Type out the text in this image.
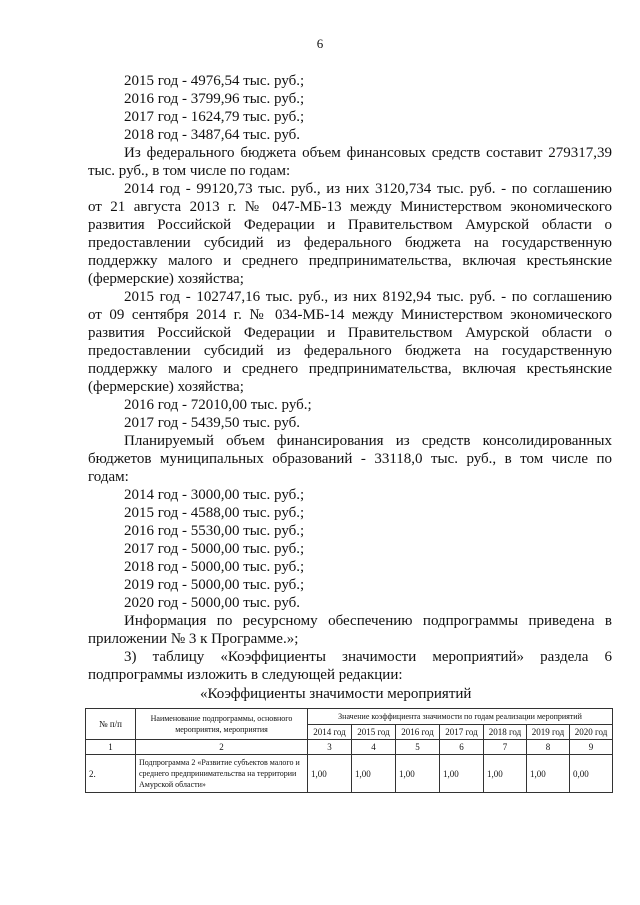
6
2015 год - 4976,54 тыс. руб.;
2016 год - 3799,96 тыс. руб.;
2017 год - 1624,79 тыс. руб.;
2018 год - 3487,64 тыс. руб.
Из федерального бюджета объем финансовых средств составит 279317,39
тыс. руб., в том числе по годам:
2014 год - 99120,73 тыс. руб., из них 3120,734 тыс. руб. - по соглашению
от 21 августа 2013 г. № 047-МБ-13 между Министерством экономического
развития Российской Федерации и Правительством Амурской области о
предоставлении субсидий из федерального бюджета на государственную
поддержку малого и среднего предпринимательства, включая крестьянские
(фермерские) хозяйства;
2015 год - 102747,16 тыс. руб., из них 8192,94 тыс. руб. - по соглашению
от 09 сентября 2014 г. № 034-МБ-14 между Министерством экономического
развития Российской Федерации и Правительством Амурской области о
предоставлении субсидий из федерального бюджета на государственную
поддержку малого и среднего предпринимательства, включая крестьянские
(фермерские) хозяйства;
2016 год - 72010,00 тыс. руб.;
2017 год - 5439,50 тыс. руб.
Планируемый объем финансирования из средств консолидированных
бюджетов муниципальных образований - 33118,0 тыс. руб., в том числе по
годам:
2014 год - 3000,00 тыс. руб.;
2015 год - 4588,00 тыс. руб.;
2016 год - 5530,00 тыс. руб.;
2017 год - 5000,00 тыс. руб.;
2018 год - 5000,00 тыс. руб.;
2019 год - 5000,00 тыс. руб.;
2020 год - 5000,00 тыс. руб.
Информация по ресурсному обеспечению подпрограммы приведена в
приложении № 3 к Программе.»;
3) таблицу «Коэффициенты значимости мероприятий» раздела 6
подпрограммы изложить в следующей редакции:
«Коэффициенты значимости мероприятий
№ п/п	Наименование подпрограммы, основного мероприятия, мероприятия	Значение коэффициента значимости по годам реализации мероприятий						
		2014 год	2015 год	2016 год	2017 год	2018 год	2019 год	2020 год
1	2	3	4	5	6	7	8	9
2.	Подпрограмма 2 «Развитие субъектов малого и среднего предпринимательства на территории Амурской области»	1,00	1,00	1,00	1,00	1,00	1,00	0,00
